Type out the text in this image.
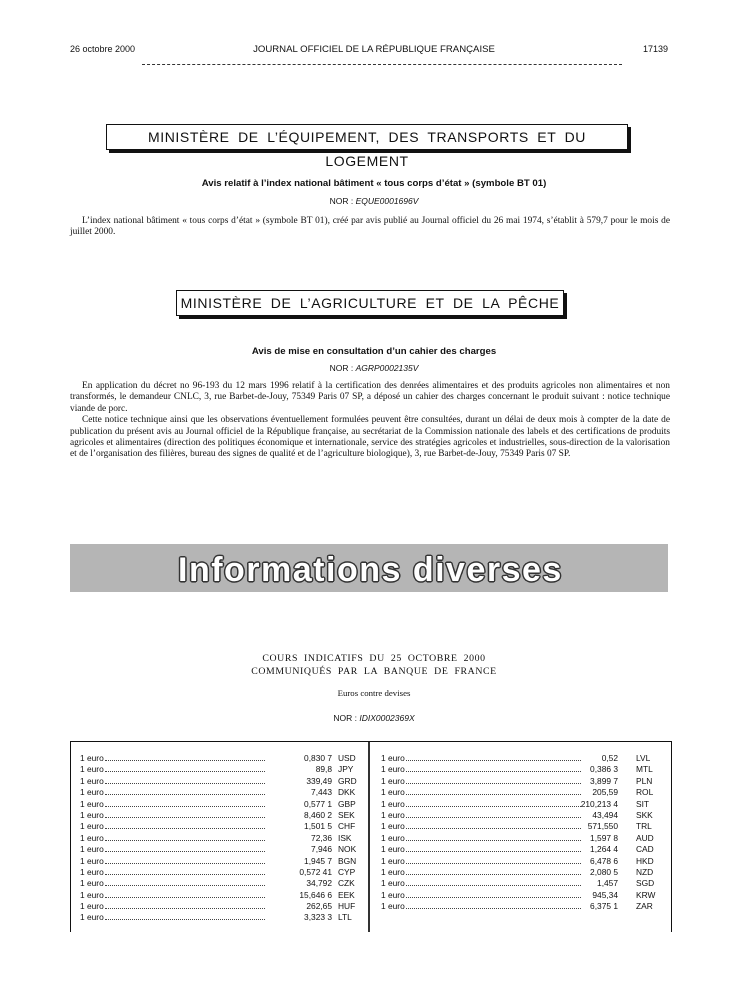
26 octobre 2000	JOURNAL OFFICIEL DE LA RÉPUBLIQUE FRANÇAISE	17139
MINISTÈRE DE L’ÉQUIPEMENT, DES TRANSPORTS ET DU LOGEMENT
Avis relatif à l’index national bâtiment « tous corps d’état » (symbole BT 01)
NOR : EQUE0001696V

L’index national bâtiment « tous corps d’état » (symbole BT 01), créé par avis publié au Journal officiel du 26 mai 1974, s’établit à 579,7 pour le mois de juillet 2000.

MINISTÈRE DE L’AGRICULTURE ET DE LA PÊCHE
Avis de mise en consultation d’un cahier des charges
NOR : AGRP0002135V

En application du décret no 96-193 du 12 mars 1996 relatif à la certification des denrées alimentaires et des produits agricoles non alimentaires et non transformés, le demandeur CNLC, 3, rue Barbet-de-Jouy, 75349 Paris 07 SP, a déposé un cahier des charges concernant le produit suivant : notice technique viande de porc.

Cette notice technique ainsi que les observations éventuellement formulées peuvent être consultées, durant un délai de deux mois à compter de la date de publication du présent avis au Journal officiel de la République française, au secrétariat de la Commission nationale des labels et des certifications de produits agricoles et alimentaires (direction des politiques économique et internationale, service des stratégies agricoles et industrielles, sous-direction de la valorisation et de l’organisation des filières, bureau des signes de qualité et de l’agriculture biologique), 3, rue Barbet-de-Jouy, 75349 Paris 07 SP.

Informations diverses
COURS INDICATIFS DU 25 OCTOBRE 2000
COMMUNIQUÉS PAR LA BANQUE DE FRANCE
Euros contre devises
NOR : IDIX0002369X
1 euro	0,830 7 USD
1 euro	89,8 JPY
1 euro	339,49 GRD
1 euro	7,443 DKK
1 euro	0,577 1 GBP
1 euro	8,460 2 SEK
1 euro	1,501 5 CHF
1 euro	72,36 ISK
1 euro	7,946 NOK
1 euro	1,945 7 BGN
1 euro	0,572 41 CYP
1 euro	34,792 CZK
1 euro	15,646 6 EEK
1 euro	262,65 HUF
1 euro	3,323 3 LTL
1 euro	0,52 LVL
1 euro	0,386 3 MTL
1 euro	3,899 7 PLN
1 euro	205,59 ROL
1 euro	210,213 4 SIT
1 euro	43,494 SKK
1 euro	571,550 TRL
1 euro	1,597 8 AUD
1 euro	1,264 4 CAD
1 euro	6,478 6 HKD
1 euro	2,080 5 NZD
1 euro	1,457 SGD
1 euro	945,34 KRW
1 euro	6,375 1 ZAR
